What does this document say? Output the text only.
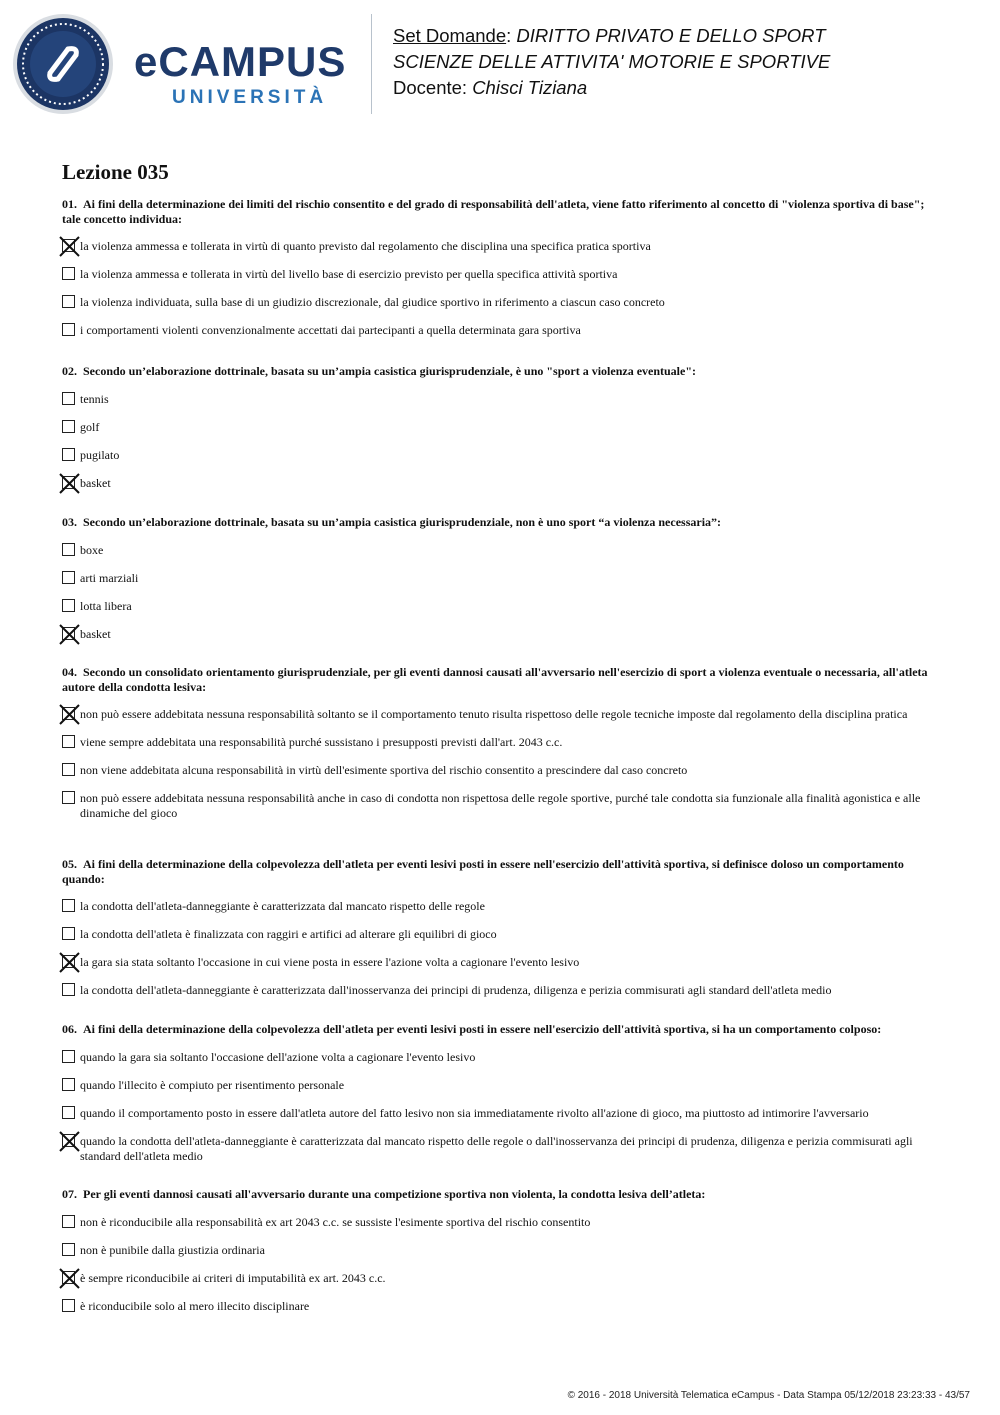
eCAMPUS
UNIVERSITÀ
Set Domande: DIRITTO PRIVATO E DELLO SPORT
SCIENZE DELLE ATTIVITA' MOTORIE E SPORTIVE
Docente: Chisci Tiziana
Lezione 035
01. Ai fini della determinazione dei limiti del rischio consentito e del grado di responsabilità dell'atleta, viene fatto riferimento al concetto di "violenza sportiva di base"; tale concetto individua:
la violenza ammessa e tollerata in virtù di quanto previsto dal regolamento che disciplina una specifica pratica sportiva
la violenza ammessa e tollerata in virtù del livello base di esercizio previsto per quella specifica attività sportiva
la violenza individuata, sulla base di un giudizio discrezionale, dal giudice sportivo in riferimento a ciascun caso concreto
i comportamenti violenti convenzionalmente accettati dai partecipanti a quella determinata gara sportiva
02. Secondo un’elaborazione dottrinale, basata su un’ampia casistica giurisprudenziale, è uno "sport a violenza eventuale":
tennis
golf
pugilato
basket
03. Secondo un’elaborazione dottrinale, basata su un’ampia casistica giurisprudenziale, non è uno sport “a violenza necessaria”:
boxe
arti marziali
lotta libera
basket
04. Secondo un consolidato orientamento giurisprudenziale, per gli eventi dannosi causati all'avversario nell'esercizio di sport a violenza eventuale o necessaria, all'atleta autore della condotta lesiva:
non può essere addebitata nessuna responsabilità soltanto se il comportamento tenuto risulta rispettoso delle regole tecniche imposte dal regolamento della disciplina pratica
viene sempre addebitata una responsabilità purché sussistano i presupposti previsti dall'art. 2043 c.c.
non viene addebitata alcuna responsabilità in virtù dell'esimente sportiva del rischio consentito a prescindere dal caso concreto
non può essere addebitata nessuna responsabilità anche in caso di condotta non rispettosa delle regole sportive, purché tale condotta sia funzionale alla finalità agonistica e alle dinamiche del gioco
05. Ai fini della determinazione della colpevolezza dell'atleta per eventi lesivi posti in essere nell'esercizio dell'attività sportiva, si definisce doloso un comportamento quando:
la condotta dell'atleta-danneggiante è caratterizzata dal mancato rispetto delle regole
la condotta dell'atleta è finalizzata con raggiri e artifici ad alterare gli equilibri di gioco
la gara sia stata soltanto l'occasione in cui viene posta in essere l'azione volta a cagionare l'evento lesivo
la condotta dell'atleta-danneggiante è caratterizzata dall'inosservanza dei principi di prudenza, diligenza e perizia commisurati agli standard dell'atleta medio
06. Ai fini della determinazione della colpevolezza dell'atleta per eventi lesivi posti in essere nell'esercizio dell'attività sportiva, si ha un comportamento colposo:
quando la gara sia soltanto l'occasione dell'azione volta a cagionare l'evento lesivo
quando l'illecito è compiuto per risentimento personale
quando il comportamento posto in essere dall'atleta autore del fatto lesivo non sia immediatamente rivolto all'azione di gioco, ma piuttosto ad intimorire l'avversario
quando la condotta dell'atleta-danneggiante è caratterizzata dal mancato rispetto delle regole o dall'inosservanza dei principi di prudenza, diligenza e perizia commisurati agli standard dell'atleta medio
07. Per gli eventi dannosi causati all'avversario durante una competizione sportiva non violenta, la condotta lesiva dell’atleta:
non è riconducibile alla responsabilità ex art 2043 c.c. se sussiste l'esimente sportiva del rischio consentito
non è punibile dalla giustizia ordinaria
è sempre riconducibile ai criteri di imputabilità ex art. 2043 c.c.
è riconducibile solo al mero illecito disciplinare
© 2016 - 2018 Università Telematica eCampus - Data Stampa 05/12/2018 23:23:33 - 43/57
